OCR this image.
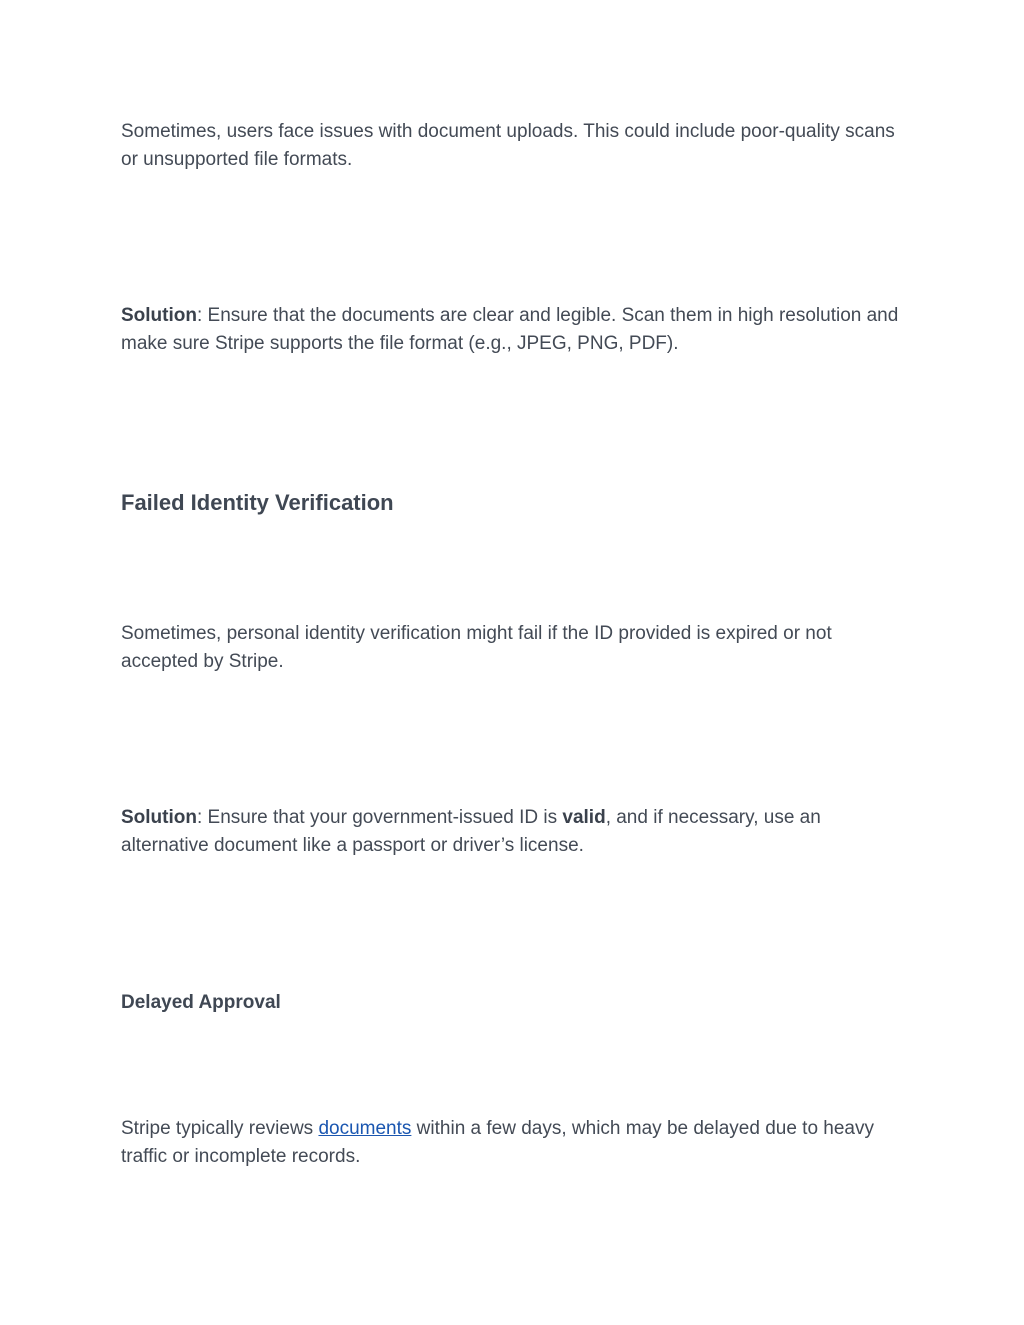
Sometimes, users face issues with document uploads. This could include poor-quality scans or unsupported file formats.

Solution: Ensure that the documents are clear and legible. Scan them in high resolution and make sure Stripe supports the file format (e.g., JPEG, PNG, PDF).

Failed Identity Verification

Sometimes, personal identity verification might fail if the ID provided is expired or not accepted by Stripe.

Solution: Ensure that your government-issued ID is valid, and if necessary, use an alternative document like a passport or driver’s license.

Delayed Approval

Stripe typically reviews documents within a few days, which may be delayed due to heavy traffic or incomplete records.
